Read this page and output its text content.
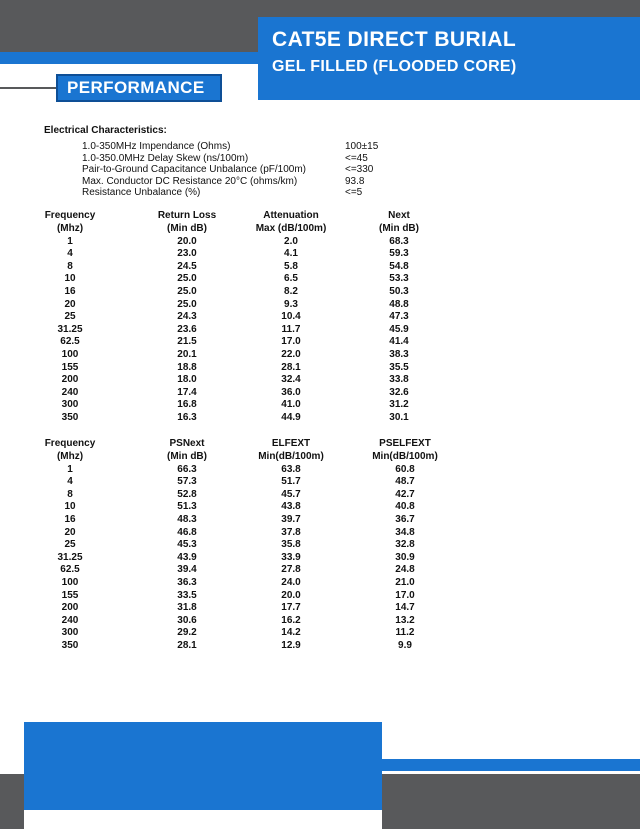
CAT5E DIRECT BURIAL
GEL FILLED (FLOODED CORE)
PERFORMANCE
Electrical Characteristics:
1.0-350MHz Impendance (Ohms)	100±15
1.0-350.0MHz Delay Skew (ns/100m)	<=45
Pair-to-Ground Capacitance Unbalance (pF/100m)	<=330
Max. Conductor DC Resistance 20°C (ohms/km)	93.8
Resistance Unbalance (%)	<=5
Frequency	Return Loss	Attenuation	Next
(Mhz)	(Min dB)	Max (dB/100m)	(Min dB)
1	20.0	2.0	68.3
4	23.0	4.1	59.3
8	24.5	5.8	54.8
10	25.0	6.5	53.3
16	25.0	8.2	50.3
20	25.0	9.3	48.8
25	24.3	10.4	47.3
31.25	23.6	11.7	45.9
62.5	21.5	17.0	41.4
100	20.1	22.0	38.3
155	18.8	28.1	35.5
200	18.0	32.4	33.8
240	17.4	36.0	32.6
300	16.8	41.0	31.2
350	16.3	44.9	30.1
Frequency	PSNext	ELFEXT	PSELFEXT
(Mhz)	(Min dB)	Min(dB/100m)	Min(dB/100m)
1	66.3	63.8	60.8
4	57.3	51.7	48.7
8	52.8	45.7	42.7
10	51.3	43.8	40.8
16	48.3	39.7	36.7
20	46.8	37.8	34.8
25	45.3	35.8	32.8
31.25	43.9	33.9	30.9
62.5	39.4	27.8	24.8
100	36.3	24.0	21.0
155	33.5	20.0	17.0
200	31.8	17.7	14.7
240	30.6	16.2	13.2
300	29.2	14.2	11.2
350	28.1	12.9	9.9
